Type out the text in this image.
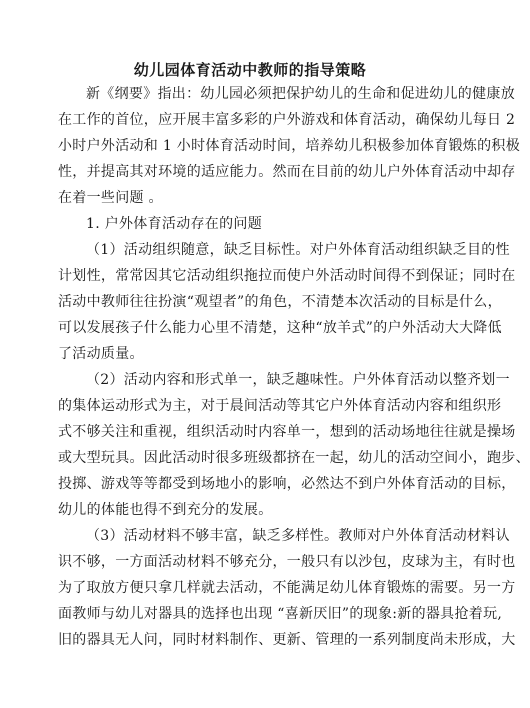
幼儿园体育活动中教师的指导策略
新《纲要》指出：幼儿园必须把保护幼儿的生命和促进幼儿的健康放
在工作的首位，应开展丰富多彩的户外游戏和体育活动，确保幼儿每日 2
小时户外活动和 1 小时体育活动时间，培养幼儿积极参加体育锻炼的积极
性，并提高其对环境的适应能力。然而在目前的幼儿户外体育活动中却存
在着一些问题 。
1. 户外体育活动存在的问题
（1）活动组织随意，缺乏目标性。对户外体育活动组织缺乏目的性
计划性，常常因其它活动组织拖拉而使户外活动时间得不到保证；同时在
活动中教师往往扮演“观望者”的角色，不清楚本次活动的目标是什么，
可以发展孩子什么能力心里不清楚，这种“放羊式”的户外活动大大降低
了活动质量。
（2）活动内容和形式单一，缺乏趣味性。户外体育活动以整齐划一
的集体运动形式为主，对于晨间活动等其它户外体育活动内容和组织形
式不够关注和重视，组织活动时内容单一，想到的活动场地往往就是操场
或大型玩具。因此活动时很多班级都挤在一起，幼儿的活动空间小，跑步、
投掷、游戏等等都受到场地小的影响，必然达不到户外体育活动的目标，
幼儿的体能也得不到充分的发展。
（3）活动材料不够丰富，缺乏多样性。教师对户外体育活动材料认
识不够，一方面活动材料不够充分，一般只有以沙包，皮球为主，有时也
为了取放方便只拿几样就去活动，不能满足幼儿体育锻炼的需要。另一方
面教师与幼儿对器具的选择也出现 “喜新厌旧”的现象:新的器具抢着玩,
旧的器具无人问，同时材料制作、更新、管理的一系列制度尚未形成，大
